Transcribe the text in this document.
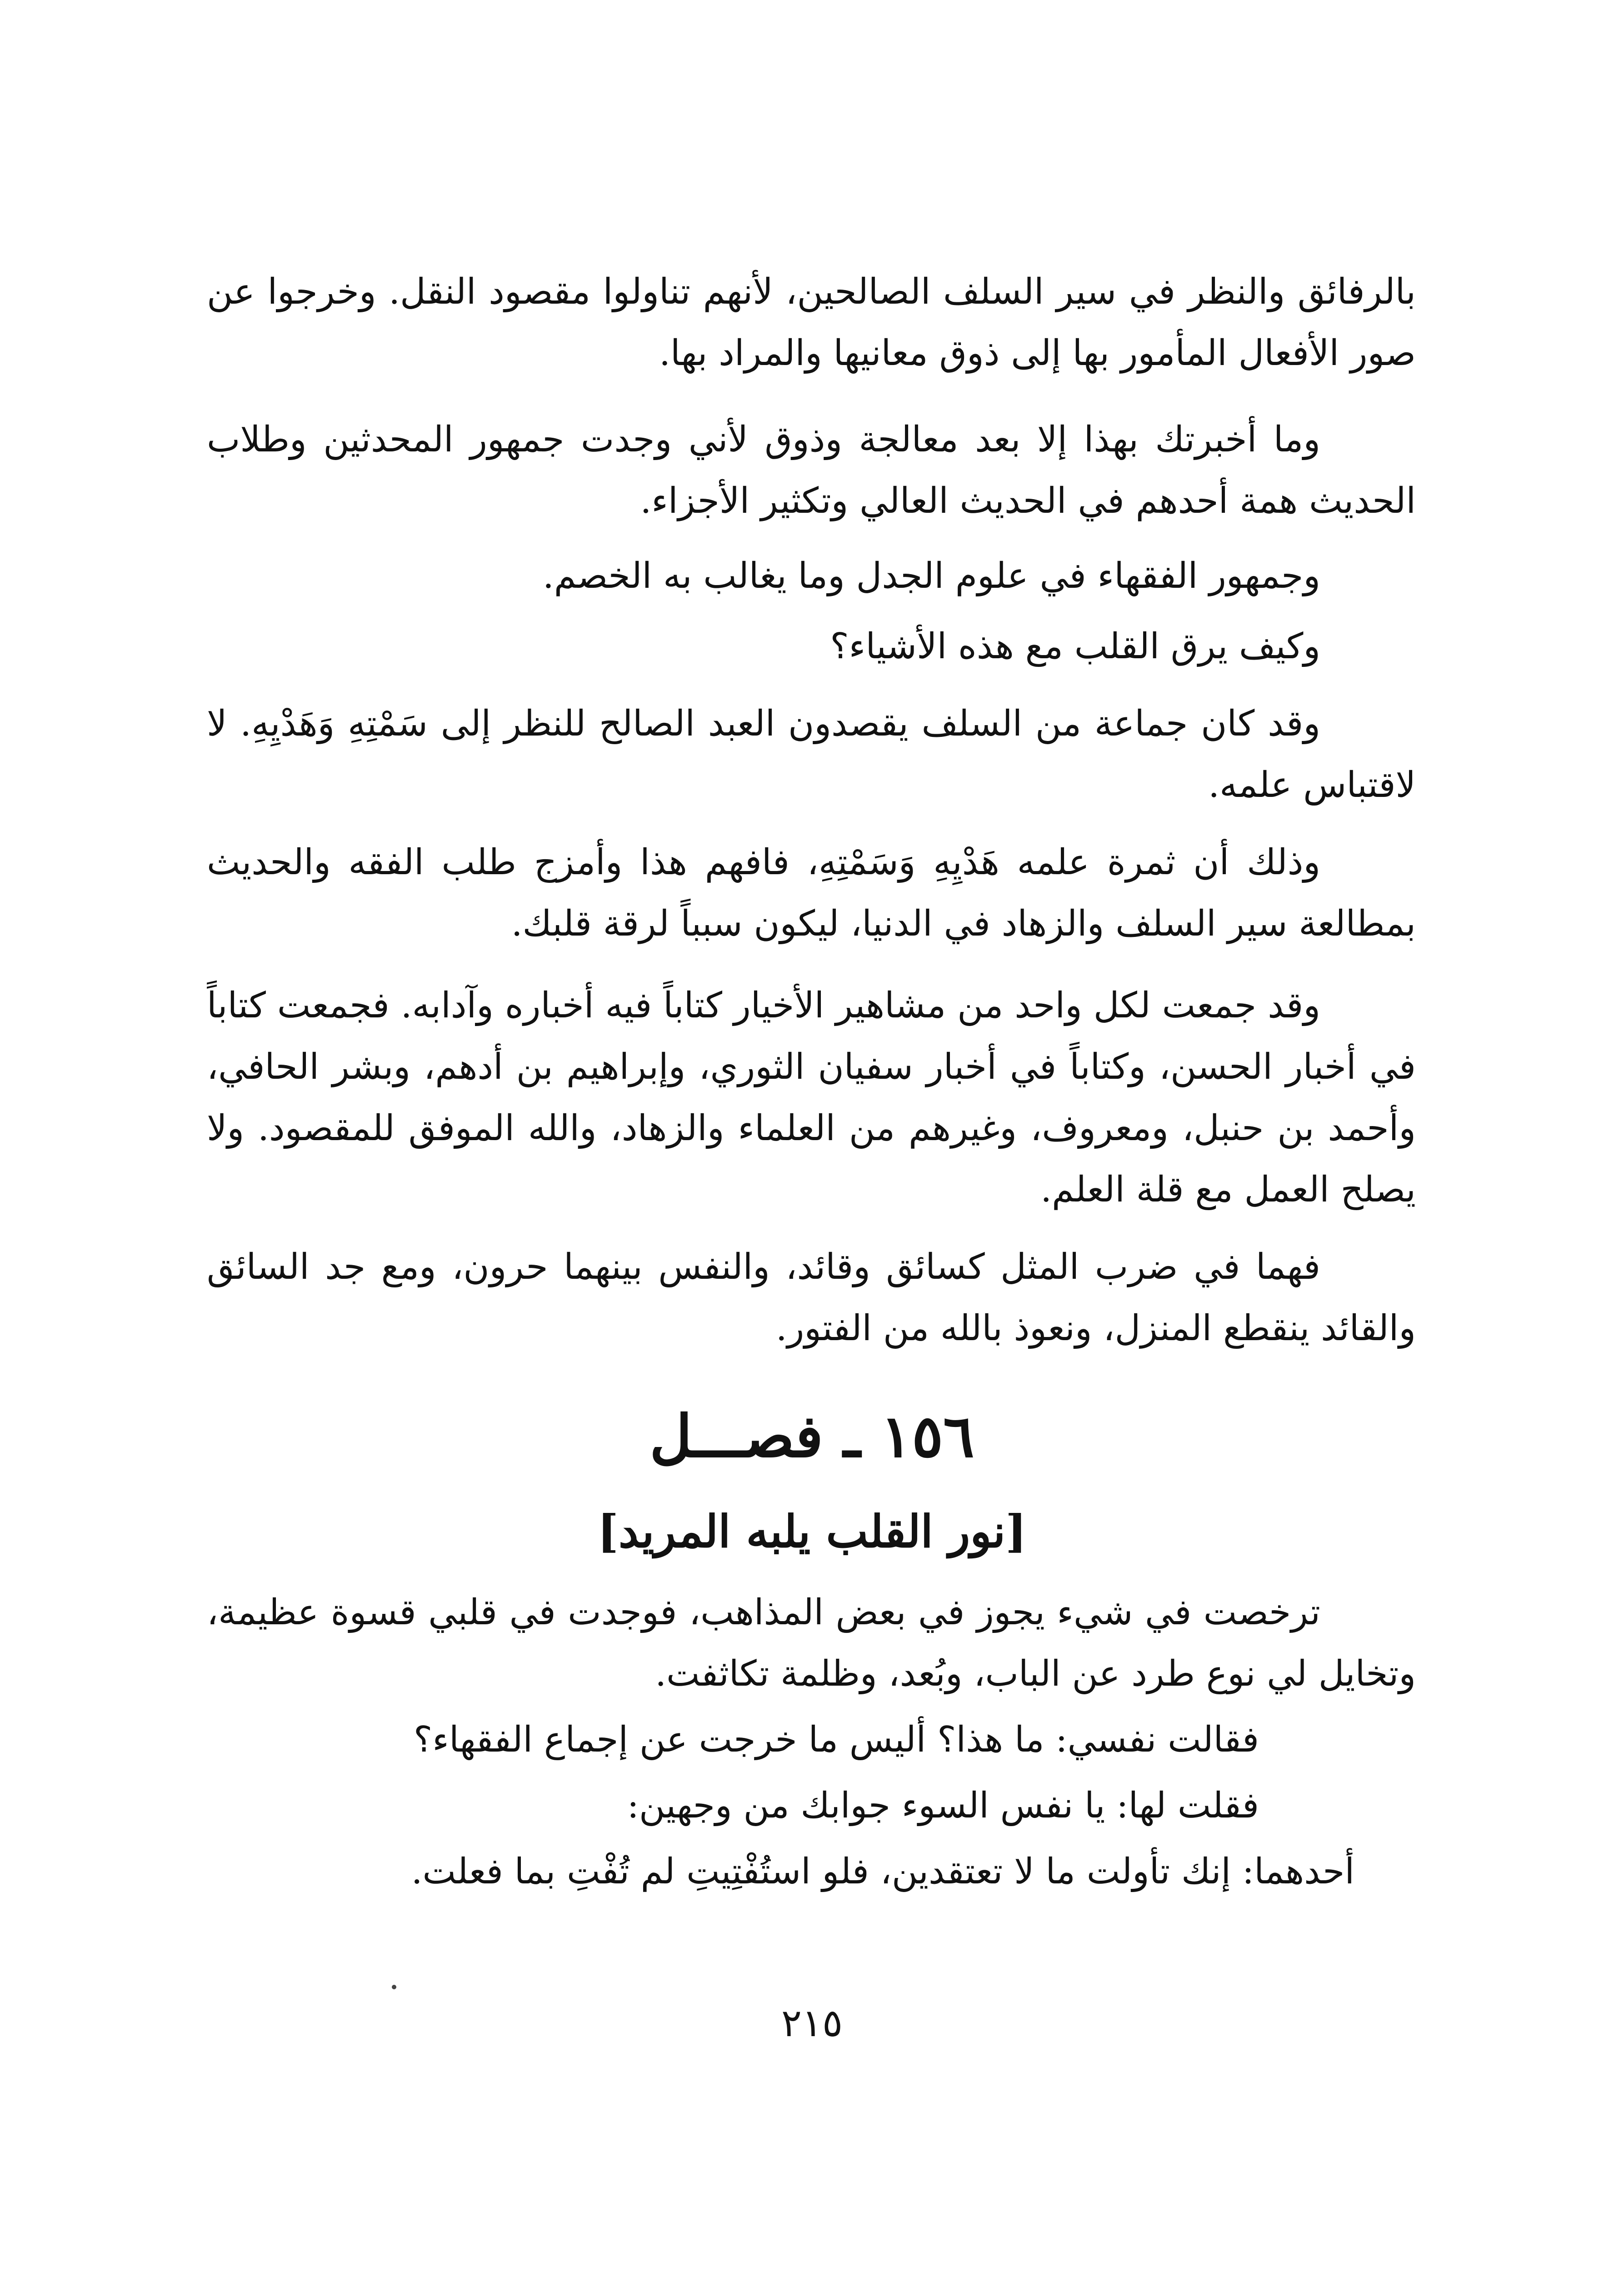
بالرفائق والنظر في سير السلف الصالحين، لأنهم تناولوا مقصود النقل. وخرجوا عن صور الأفعال المأمور بها إلى ذوق معانيها والمراد بها.
وما أخبرتك بهذا إلا بعد معالجة وذوق لأني وجدت جمهور المحدثين وطلاب الحديث همة أحدهم في الحديث العالي وتكثير الأجزاء.
وجمهور الفقهاء في علوم الجدل وما يغالب به الخصم.
وكيف يرق القلب مع هذه الأشياء؟
وقد كان جماعة من السلف يقصدون العبد الصالح للنظر إلى سَمْتِهِ وَهَدْيِهِ. لا لاقتباس علمه.
وذلك أن ثمرة علمه هَدْيِهِ وَسَمْتِهِ، فافهم هذا وأمزج طلب الفقه والحديث بمطالعة سير السلف والزهاد في الدنيا، ليكون سبباً لرقة قلبك.
وقد جمعت لكل واحد من مشاهير الأخيار كتاباً فيه أخباره وآدابه. فجمعت كتاباً في أخبار الحسن، وكتاباً في أخبار سفيان الثوري، وإبراهيم بن أدهم، وبشر الحافي، وأحمد بن حنبل، ومعروف، وغيرهم من العلماء والزهاد، والله الموفق للمقصود. ولا يصلح العمل مع قلة العلم.
فهما في ضرب المثل كسائق وقائد، والنفس بينهما حرون، ومع جد السائق والقائد ينقطع المنزل، ونعوذ بالله من الفتور.
١٥٦ ـ فصـــل
[نور القلب يلبه المريد]
ترخصت في شيء يجوز في بعض المذاهب، فوجدت في قلبي قسوة عظيمة، وتخايل لي نوع طرد عن الباب، وبُعد، وظلمة تكاثفت.
فقالت نفسي: ما هذا؟ أليس ما خرجت عن إجماع الفقهاء؟
فقلت لها: يا نفس السوء جوابك من وجهين:
أحدهما: إنك تأولت ما لا تعتقدين، فلو استُفْتِيتِ لم تُفْتِ بما فعلت.
٢١٥
